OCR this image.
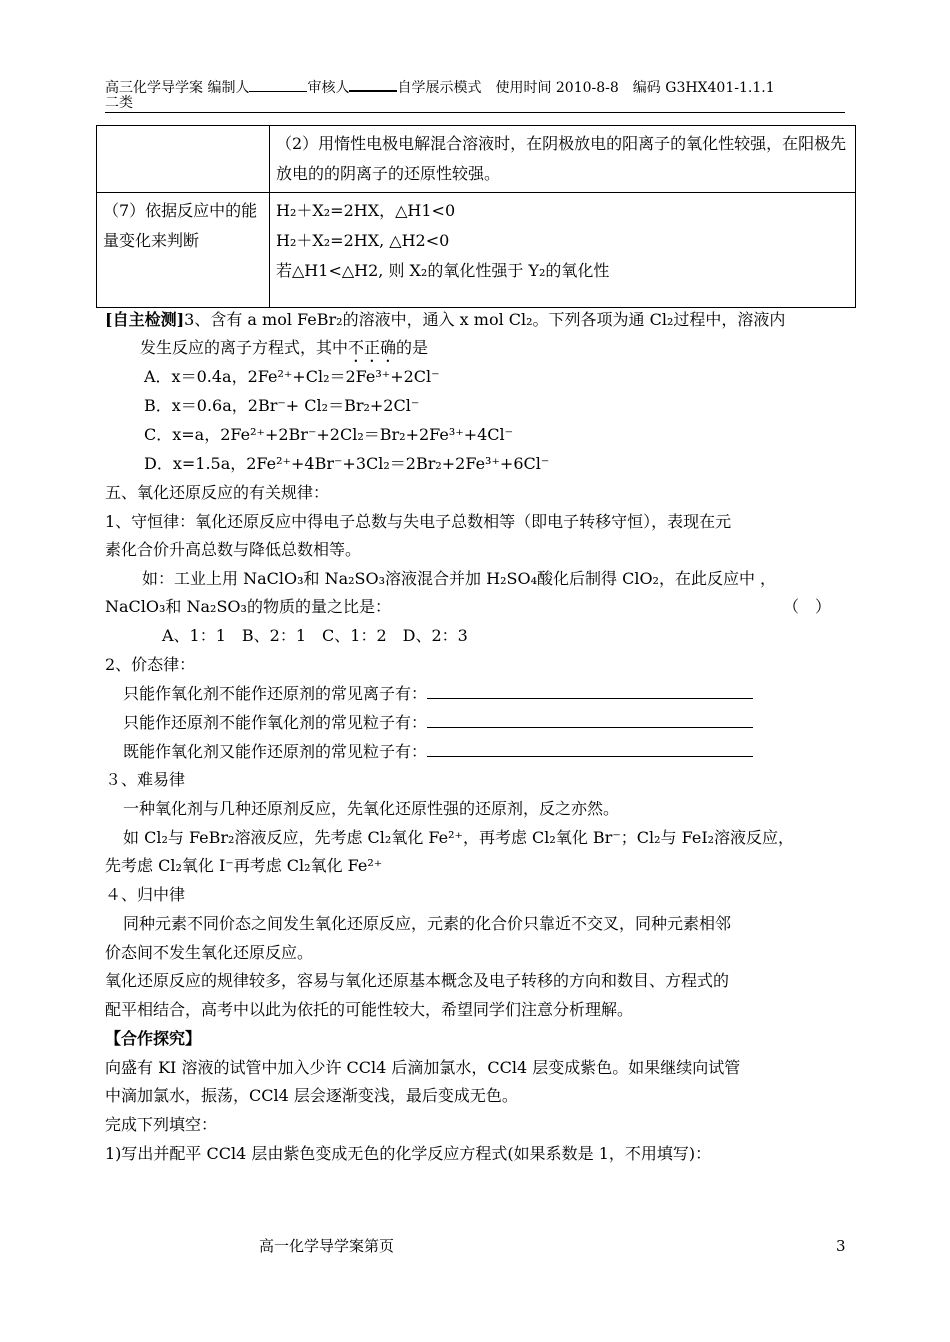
高三化学导学案 编制人	审核人	自学展示模式　使用时间 2010-8-8　编码 G3HX401-1.1.1
二类
	（2）用惰性电极电解混合溶液时，在阴极放电的阳离子的氧化性较强，在阳极先放电的的阴离子的还原性较强。
（7）依据反应中的能量变化来判断	H₂＋X₂=2HX，△H1<0
H₂＋X₂=2HX, △H2<0
若△H1<△H2, 则 X₂的氧化性强于 Y₂的氧化性
[自主检测]3、含有 a mol FeBr₂的溶液中，通入 x mol Cl₂。下列各项为通 Cl₂过程中，溶液内
发生反应的离子方程式，其中不正确的是
A．x＝0.4a，2Fe²⁺+Cl₂＝2Fe³⁺+2Cl⁻
B．x＝0.6a，2Br⁻+ Cl₂＝Br₂+2Cl⁻
C．x=a，2Fe²⁺+2Br⁻+2Cl₂＝Br₂+2Fe³⁺+4Cl⁻
D．x=1.5a，2Fe²⁺+4Br⁻+3Cl₂＝2Br₂+2Fe³⁺+6Cl⁻
五、氧化还原反应的有关规律：
1、守恒律：氧化还原反应中得电子总数与失电子总数相等（即电子转移守恒），表现在元
素化合价升高总数与降低总数相等。
如：工业上用 NaClO₃和 Na₂SO₃溶液混合并加 H₂SO₄酸化后制得 ClO₂，在此反应中 ，
NaClO₃和 Na₂SO₃的物质的量之比是：	（　）
A、1：1　B、2：1　C、1：2　D、2：3
2、价态律：
只能作氧化剂不能作还原剂的常见离子有：
只能作还原剂不能作氧化剂的常见粒子有：
既能作氧化剂又能作还原剂的常见粒子有：
３、难易律
一种氧化剂与几种还原剂反应，先氧化还原性强的还原剂，反之亦然。
如 Cl₂与 FeBr₂溶液反应，先考虑 Cl₂氧化 Fe²⁺，再考虑 Cl₂氧化 Br⁻；Cl₂与 FeI₂溶液反应，
先考虑 Cl₂氧化 I⁻再考虑 Cl₂氧化 Fe²⁺
４、归中律
同种元素不同价态之间发生氧化还原反应，元素的化合价只靠近不交叉，同种元素相邻
价态间不发生氧化还原反应。
氧化还原反应的规律较多，容易与氧化还原基本概念及电子转移的方向和数目、方程式的
配平相结合，高考中以此为依托的可能性较大，希望同学们注意分析理解。
【合作探究】
向盛有 KI 溶液的试管中加入少许 CCl4 后滴加氯水，CCl4 层变成紫色。如果继续向试管
中滴加氯水，振荡，CCl4 层会逐渐变浅，最后变成无色。
完成下列填空：
1)写出并配平 CCl4 层由紫色变成无色的化学反应方程式(如果系数是 1，不用填写)：
高一化学导学案第页	3
